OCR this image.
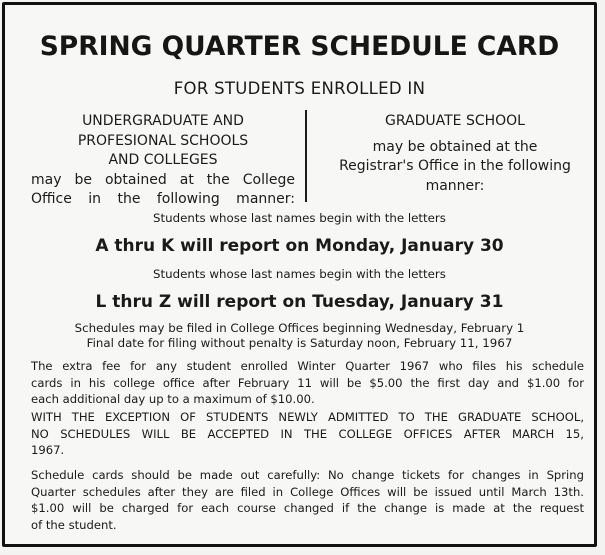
SPRING QUARTER SCHEDULE CARD
FOR STUDENTS ENROLLED IN
UNDERGRADUATE AND
PROFESIONAL SCHOOLS
AND COLLEGES
may be obtained at the College
Office in the following manner:
GRADUATE SCHOOL
may be obtained at the
Registrar's Office in the following
manner:
Students whose last names begin with the letters
A thru K will report on Monday, January 30
Students whose last names begin with the letters
L thru Z will report on Tuesday, January 31
Schedules may be filed in College Offices beginning Wednesday, February 1
Final date for filing without penalty is Saturday noon, February 11, 1967
The extra fee for any student enrolled Winter Quarter 1967 who files his schedule
cards in his college office after February 11 will be $5.00 the first day and $1.00 for
each additional day up to a maximum of $10.00.
WITH THE EXCEPTION OF STUDENTS NEWLY ADMITTED TO THE GRADUATE SCHOOL,
NO SCHEDULES WILL BE ACCEPTED IN THE COLLEGE OFFICES AFTER MARCH 15,
1967.
Schedule cards should be made out carefully: No change tickets for changes in Spring
Quarter schedules after they are filed in College Offices will be issued until March 13th.
$1.00 will be charged for each course changed if the change is made at the request
of the student.
